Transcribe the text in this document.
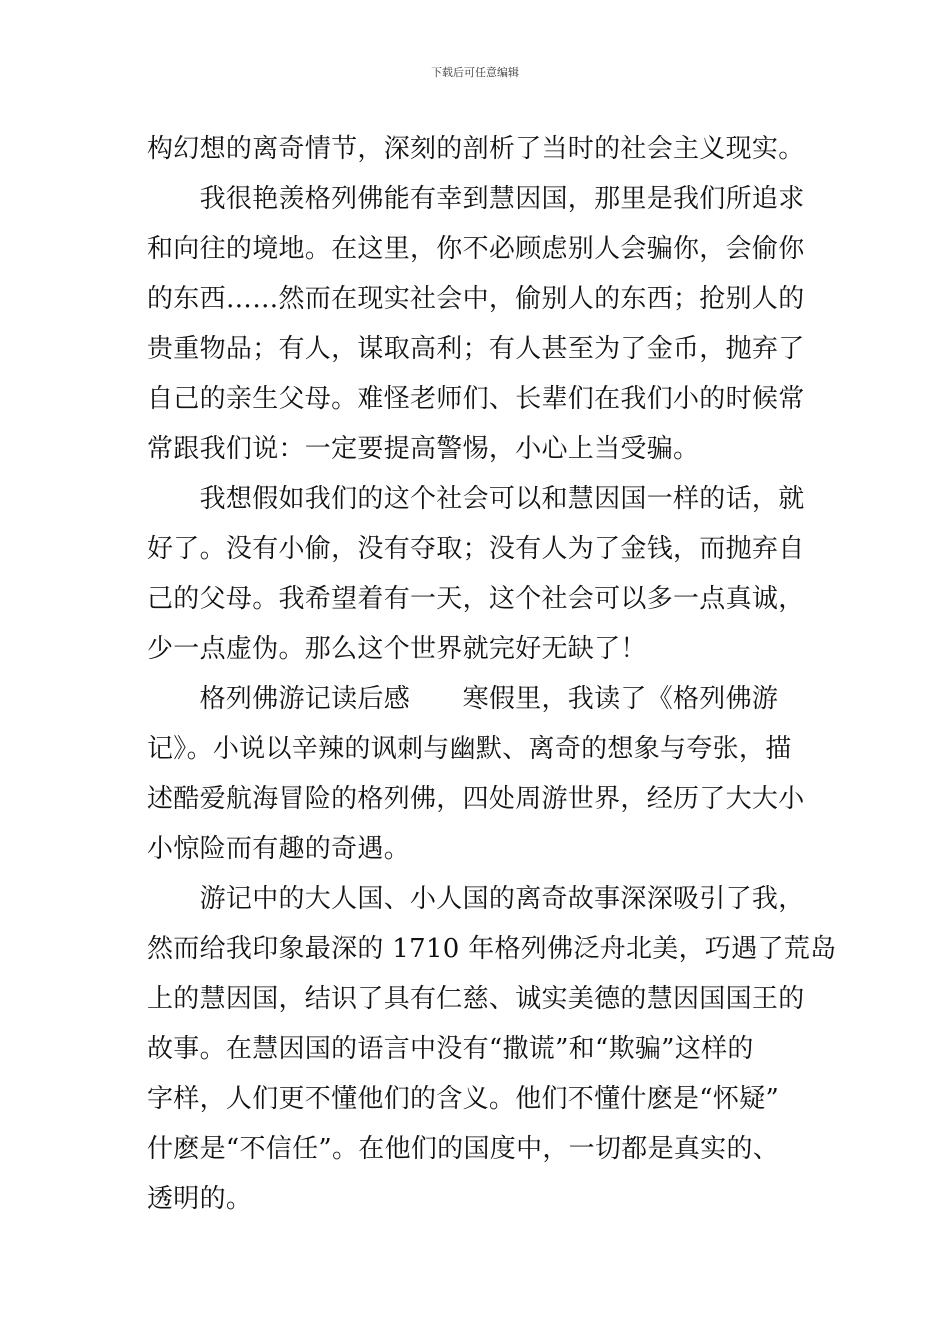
下载后可任意编辑
构幻想的离奇情节，深刻的剖析了当时的社会主义现实。
　　我很艳羡格列佛能有幸到慧因国，那里是我们所追求
和向往的境地。在这里，你不必顾虑别人会骗你，会偷你
的东西……然而在现实社会中，偷别人的东西；抢别人的
贵重物品；有人，谋取高利；有人甚至为了金币，抛弃了
自己的亲生父母。难怪老师们、长辈们在我们小的时候常
常跟我们说：一定要提高警惕，小心上当受骗。
　　我想假如我们的这个社会可以和慧因国一样的话，就
好了。没有小偷，没有夺取；没有人为了金钱，而抛弃自
己的父母。我希望着有一天，这个社会可以多一点真诚，
少一点虚伪。那么这个世界就完好无缺了！
　　格列佛游记读后感　　寒假里，我读了《格列佛游
记》。小说以辛辣的讽刺与幽默、离奇的想象与夸张，描
述酷爱航海冒险的格列佛，四处周游世界，经历了大大小
小惊险而有趣的奇遇。
　　游记中的大人国、小人国的离奇故事深深吸引了我，
然而给我印象最深的 1710 年格列佛泛舟北美，巧遇了荒岛
上的慧因国，结识了具有仁慈、诚实美德的慧因国国王的
故事。在慧因国的语言中没有“撒谎”和“欺骗”这样的
字样，人们更不懂他们的含义。他们不懂什麽是“怀疑”
什麽是“不信任”。在他们的国度中，一切都是真实的、
透明的。
